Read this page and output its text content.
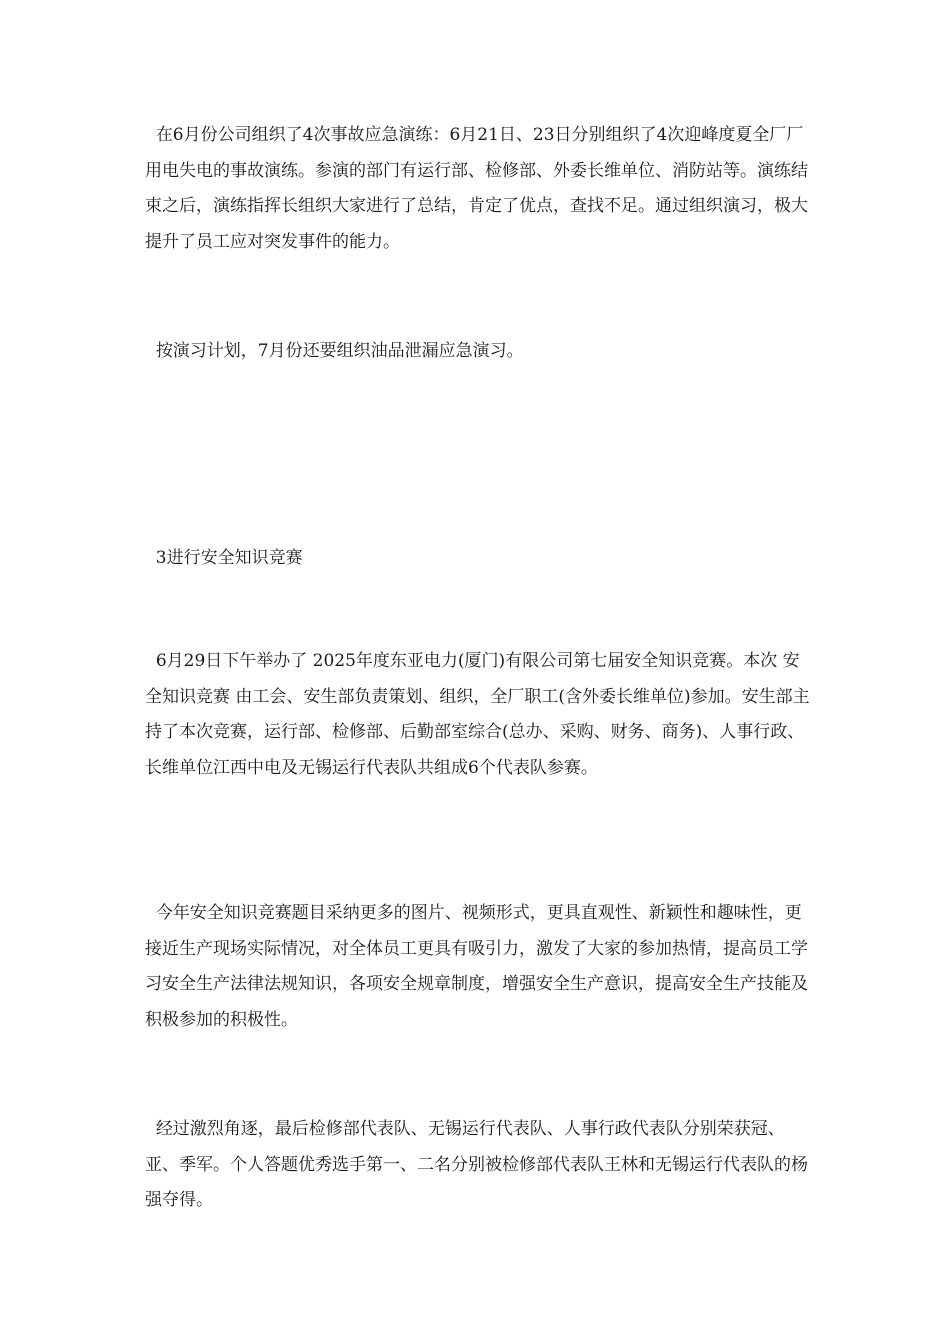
在6月份公司组织了4次事故应急演练：6月21日、23日分别组织了4次迎峰度夏全厂厂用电失电的事故演练。参演的部门有运行部、检修部、外委长维单位、消防站等。演练结束之后，演练指挥长组织大家进行了总结，肯定了优点，查找不足。通过组织演习，极大提升了员工应对突发事件的能力。

按演习计划，7月份还要组织油品泄漏应急演习。

3进行安全知识竞赛

6月29日下午举办了 2025年度东亚电力(厦门)有限公司第七届安全知识竞赛。本次 安全知识竞赛 由工会、安生部负责策划、组织，全厂职工(含外委长维单位)参加。安生部主持了本次竞赛，运行部、检修部、后勤部室综合(总办、采购、财务、商务)、人事行政、长维单位江西中电及无锡运行代表队共组成6个代表队参赛。

今年安全知识竞赛题目采纳更多的图片、视频形式，更具直观性、新颖性和趣味性，更接近生产现场实际情况，对全体员工更具有吸引力，激发了大家的参加热情，提高员工学习安全生产法律法规知识，各项安全规章制度，增强安全生产意识，提高安全生产技能及积极参加的积极性。

经过激烈角逐，最后检修部代表队、无锡运行代表队、人事行政代表队分别荣获冠、亚、季军。个人答题优秀选手第一、二名分别被检修部代表队王林和无锡运行代表队的杨强夺得。
